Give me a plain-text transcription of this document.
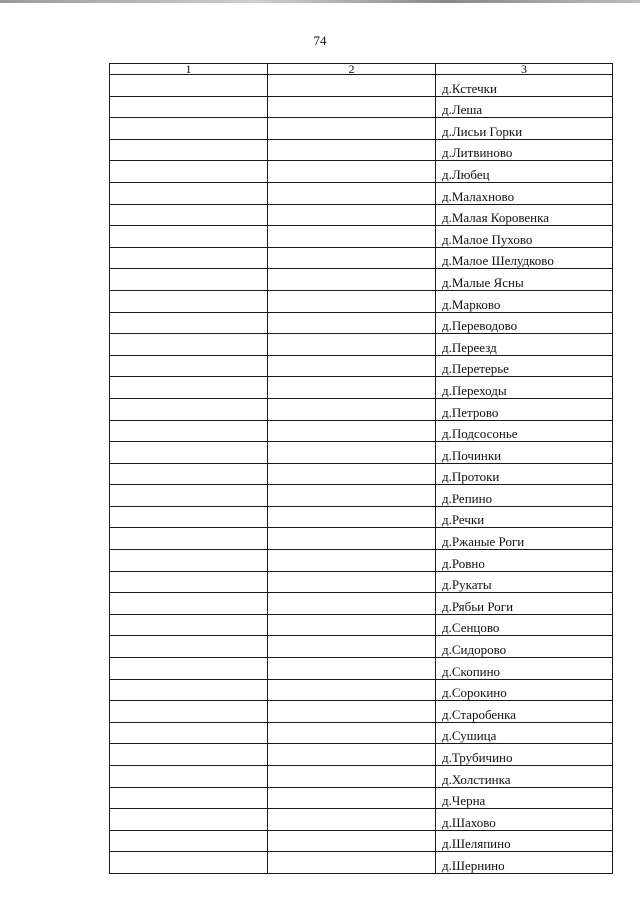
74
1	2	3
		д.Кстечки
		д.Леша
		д.Лисьи Горки
		д.Литвиново
		д.Любец
		д.Малахново
		д.Малая Коровенка
		д.Малое Пухово
		д.Малое Шелудково
		д.Малые Ясны
		д.Марково
		д.Переводово
		д.Переезд
		д.Перетерье
		д.Переходы
		д.Петрово
		д.Подсосонье
		д.Починки
		д.Протоки
		д.Репино
		д.Речки
		д.Ржаные Роги
		д.Ровно
		д.Рукаты
		д.Рябьи Роги
		д.Сенцово
		д.Сидорово
		д.Скопино
		д.Сорокино
		д.Старобенка
		д.Сушица
		д.Трубичино
		д.Холстинка
		д.Черна
		д.Шахово
		д.Шеляпино
		д.Шернино
